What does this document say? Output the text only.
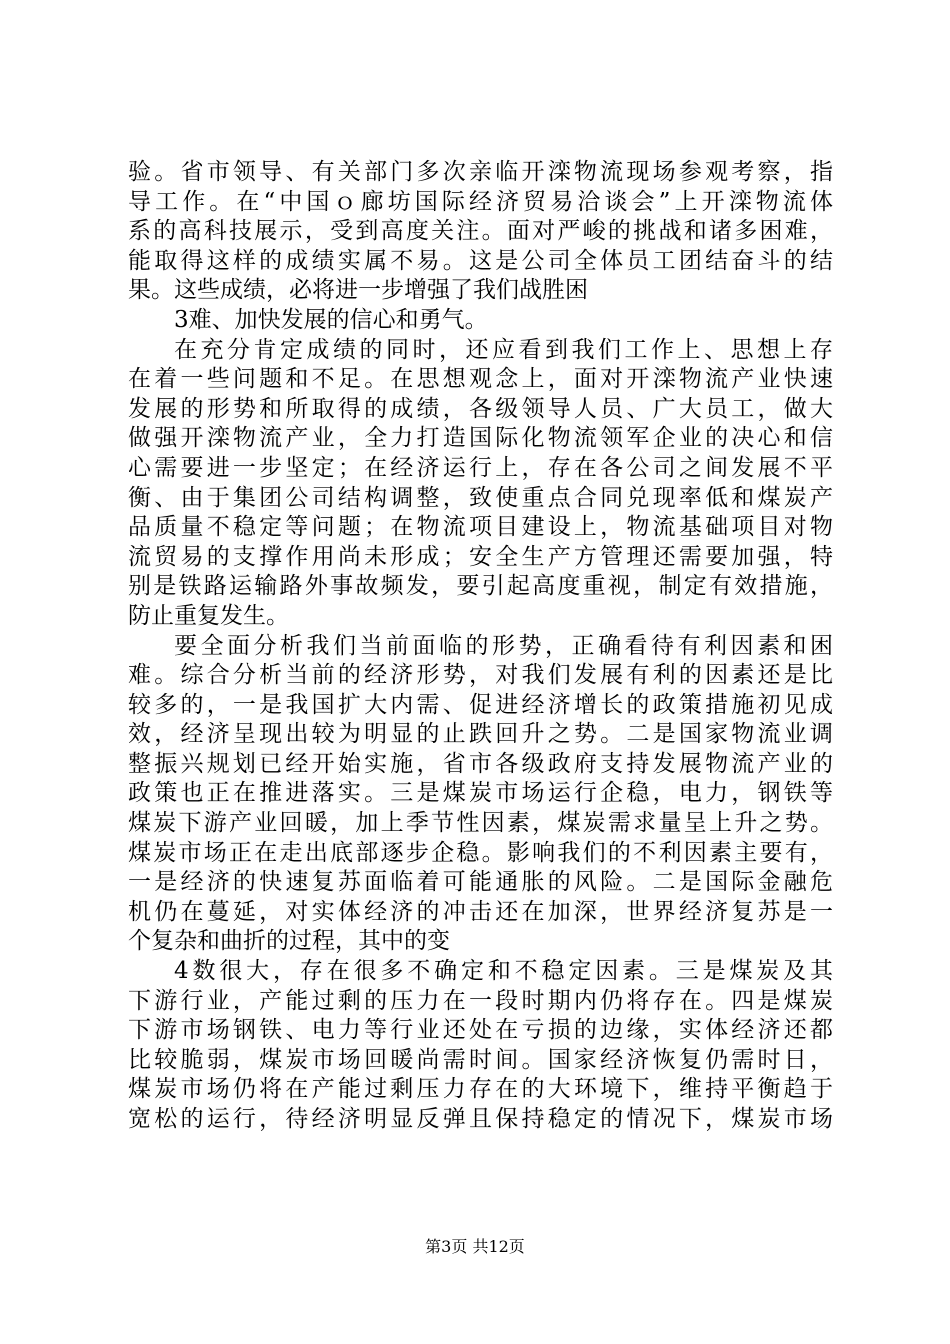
验。省市领导、有关部门多次亲临开滦物流现场参观考察，指
导工作。在“中国ｏ廊坊国际经济贸易洽谈会”上开滦物流体
系的高科技展示，受到高度关注。面对严峻的挑战和诸多困难，
能取得这样的成绩实属不易。这是公司全体员工团结奋斗的结
果。这些成绩，必将进一步增强了我们战胜困
3难、加快发展的信心和勇气。
在充分肯定成绩的同时，还应看到我们工作上、思想上存
在着一些问题和不足。在思想观念上，面对开滦物流产业快速
发展的形势和所取得的成绩，各级领导人员、广大员工，做大
做强开滦物流产业，全力打造国际化物流领军企业的决心和信
心需要进一步坚定；在经济运行上，存在各公司之间发展不平
衡、由于集团公司结构调整，致使重点合同兑现率低和煤炭产
品质量不稳定等问题；在物流项目建设上，物流基础项目对物
流贸易的支撑作用尚未形成；安全生产方管理还需要加强，特
别是铁路运输路外事故频发，要引起高度重视，制定有效措施，
防止重复发生。
要全面分析我们当前面临的形势，正确看待有利因素和困
难。综合分析当前的经济形势，对我们发展有利的因素还是比
较多的，一是我国扩大内需、促进经济增长的政策措施初见成
效，经济呈现出较为明显的止跌回升之势。二是国家物流业调
整振兴规划已经开始实施，省市各级政府支持发展物流产业的
政策也正在推进落实。三是煤炭市场运行企稳，电力，钢铁等
煤炭下游产业回暖，加上季节性因素，煤炭需求量呈上升之势。
煤炭市场正在走出底部逐步企稳。影响我们的不利因素主要有，
一是经济的快速复苏面临着可能通胀的风险。二是国际金融危
机仍在蔓延，对实体经济的冲击还在加深，世界经济复苏是一
个复杂和曲折的过程，其中的变
4数很大，存在很多不确定和不稳定因素。三是煤炭及其
下游行业，产能过剩的压力在一段时期内仍将存在。四是煤炭
下游市场钢铁、电力等行业还处在亏损的边缘，实体经济还都
比较脆弱，煤炭市场回暖尚需时间。国家经济恢复仍需时日，
煤炭市场仍将在产能过剩压力存在的大环境下，维持平衡趋于
宽松的运行，待经济明显反弹且保持稳定的情况下，煤炭市场
第3页 共12页
